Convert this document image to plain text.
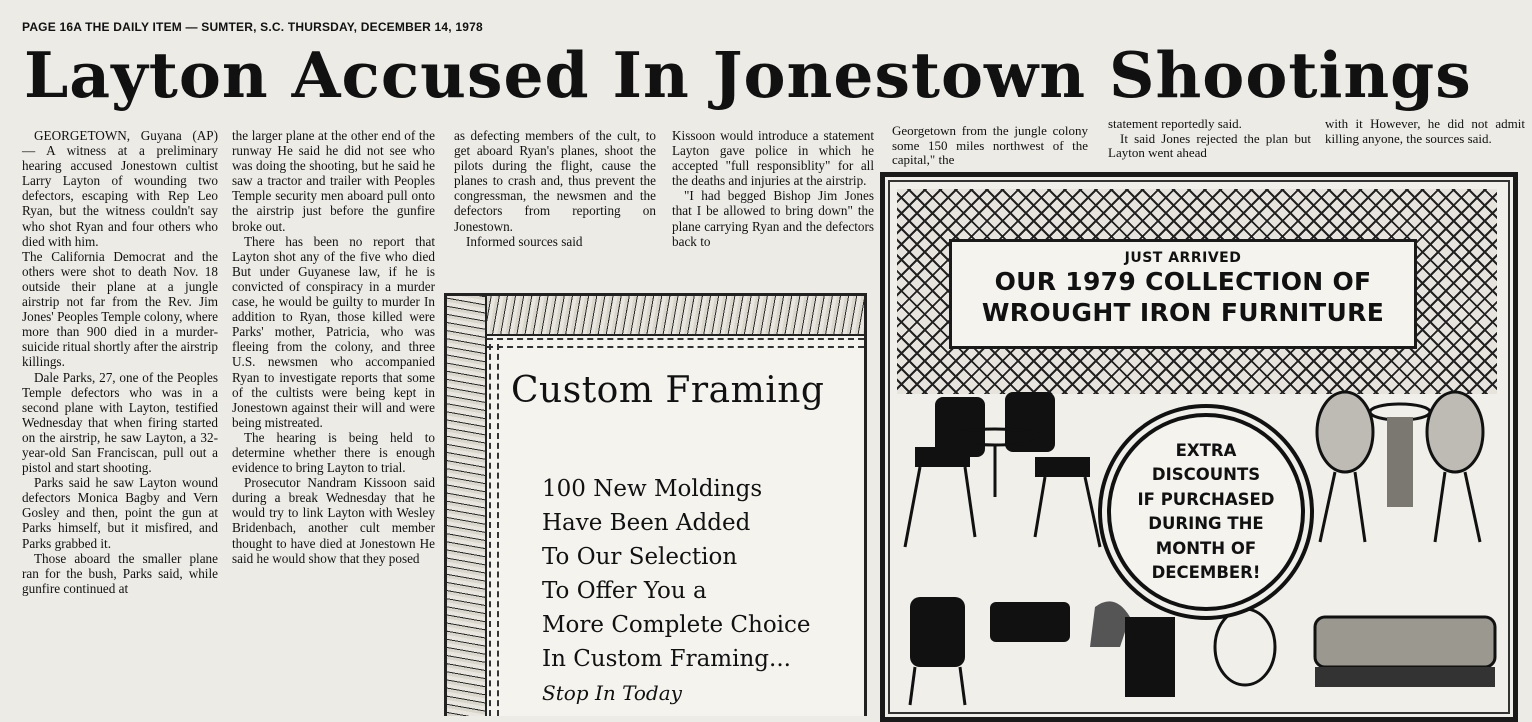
PAGE 16A THE DAILY ITEM — SUMTER, S.C. THURSDAY, DECEMBER 14, 1978
Layton Accused In Jonestown Shootings

GEORGETOWN, Guyana (AP) — A witness at a preliminary hearing accused Jonestown cultist Larry Layton of wounding two defectors, escaping with Rep Leo Ryan, but the witness couldn't say who shot Ryan and four others who died with him.

The California Democrat and the others were shot to death Nov. 18 outside their plane at a jungle airstrip not far from the Rev. Jim Jones' Peoples Temple colony, where more than 900 died in a murder-suicide ritual shortly after the airstrip killings.

Dale Parks, 27, one of the Peoples Temple defectors who was in a second plane with Layton, testified Wednesday that when firing started on the airstrip, he saw Layton, a 32-year-old San Franciscan, pull out a pistol and start shooting.

Parks said he saw Layton wound defectors Monica Bagby and Vern Gosley and then, point the gun at Parks himself, but it misfired, and Parks grabbed it.

Those aboard the smaller plane ran for the bush, Parks said, while gunfire continued at

the larger plane at the other end of the runway He said he did not see who was doing the shooting, but he said he saw a tractor and trailer with Peoples Temple security men aboard pull onto the airstrip just before the gunfire broke out.

There has been no report that Layton shot any of the five who died But under Guyanese law, if he is convicted of conspiracy in a murder case, he would be guilty to murder In addition to Ryan, those killed were Parks' mother, Patricia, who was fleeing from the colony, and three U.S. newsmen who accompanied Ryan to investigate reports that some of the cultists were being kept in Jonestown against their will and were being mistreated.

The hearing is being held to determine whether there is enough evidence to bring Layton to trial.

Prosecutor Nandram Kissoon said during a break Wednesday that he would try to link Layton with Wesley Bridenbach, another cult member thought to have died at Jonestown He said he would show that they posed

as defecting members of the cult, to get aboard Ryan's planes, shoot the pilots during the flight, cause the planes to crash and, thus prevent the congressman, the newsmen and the defectors from reporting on Jonestown.

Informed sources said

Kissoon would introduce a statement Layton gave police in which he accepted "full responsiblity" for all the deaths and injuries at the airstrip.

"I had begged Bishop Jim Jones that I be allowed to bring down" the plane carrying Ryan and the defectors back to

Georgetown from the jungle colony some 150 miles northwest of the capital," the

statement reportedly said.

It said Jones rejected the plan but Layton went ahead

with it However, he did not admit killing anyone, the sources said.

Custom Framing
100 New Moldings
Have Been Added
To Our Selection
To Offer You a
More Complete Choice
In Custom Framing...
Stop In Today
JUST ARRIVED
OUR 1979 COLLECTION OF
WROUGHT IRON FURNITURE
EXTRA
DISCOUNTS
IF PURCHASED
DURING THE
MONTH OF
DECEMBER!
